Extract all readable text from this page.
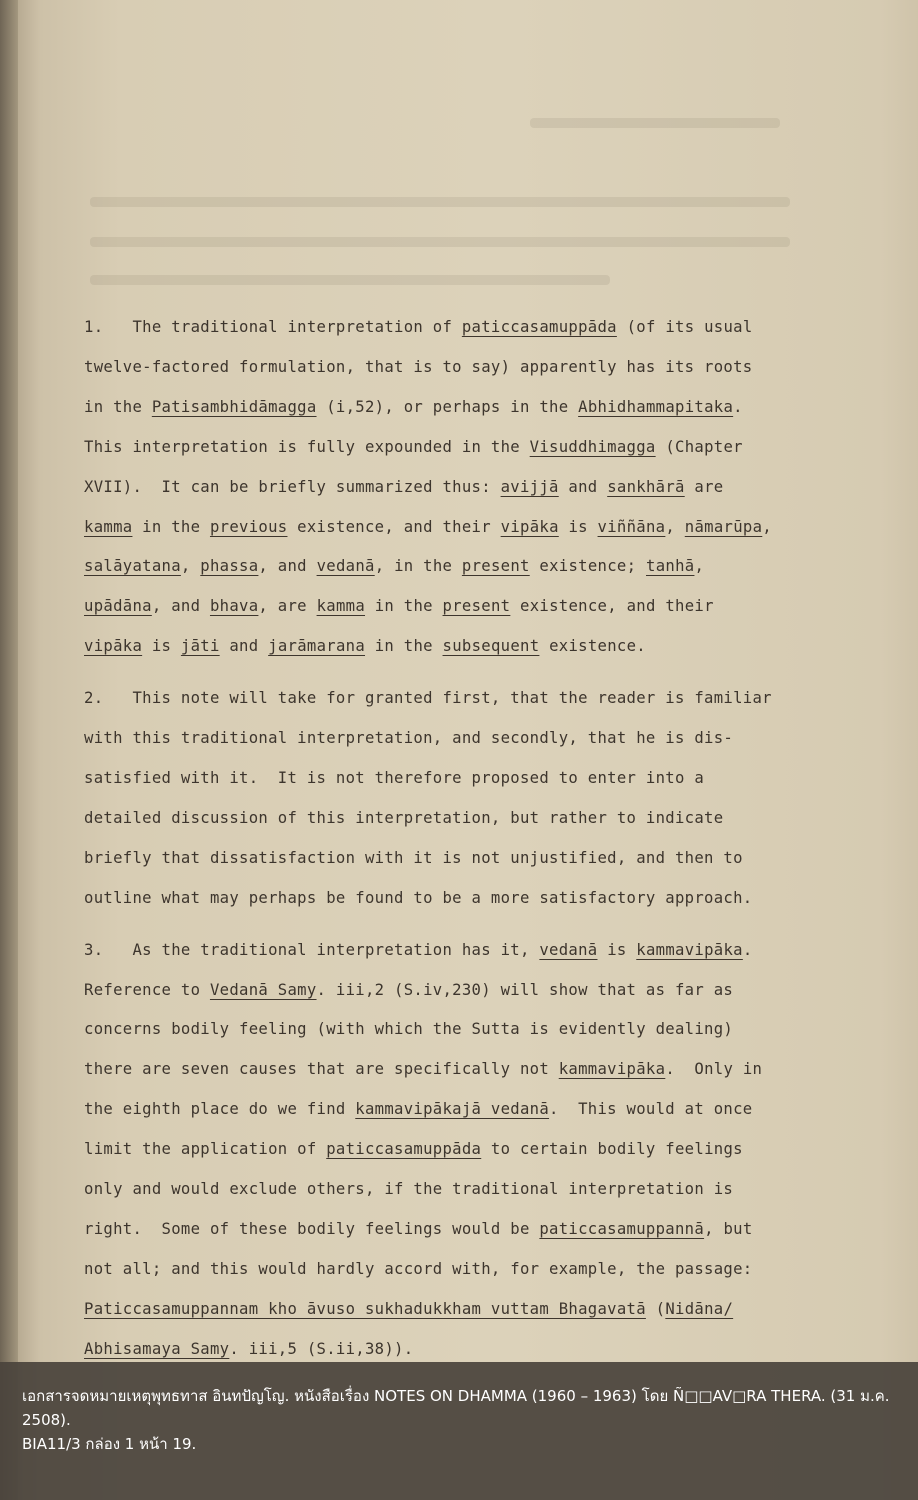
1.   The traditional interpretation of paticcasamuppāda (of its usual
twelve-factored formulation, that is to say) apparently has its roots
in the Patisambhidāmagga (i,52), or perhaps in the Abhidhammapitaka.
This interpretation is fully expounded in the Visuddhimagga (Chapter
XVII).  It can be briefly summarized thus: avijjā and sankhārā are
kamma in the previous existence, and their vipāka is viññāna, nāmarūpa,
salāyatana, phassa, and vedanā, in the present existence; tanhā,
upādāna, and bhava, are kamma in the present existence, and their
vipāka is jāti and jarāmarana in the subsequent existence.
2.   This note will take for granted first, that the reader is familiar
with this traditional interpretation, and secondly, that he is dis-
satisfied with it.  It is not therefore proposed to enter into a
detailed discussion of this interpretation, but rather to indicate
briefly that dissatisfaction with it is not unjustified, and then to
outline what may perhaps be found to be a more satisfactory approach.
3.   As the traditional interpretation has it, vedanā is kammavipāka.
Reference to Vedanā Samy. iii,2 (S.iv,230) will show that as far as
concerns bodily feeling (with which the Sutta is evidently dealing)
there are seven causes that are specifically not kammavipāka.  Only in
the eighth place do we find kammavipākajā vedanā.  This would at once
limit the application of paticcasamuppāda to certain bodily feelings
only and would exclude others, if the traditional interpretation is
right.  Some of these bodily feelings would be paticcasamuppannā, but
not all; and this would hardly accord with, for example, the passage:
Paticcasamuppannam kho āvuso sukhadukkham vuttam Bhagavatā (Nidāna/
Abhisamaya Samy. iii,5 (S.ii,38)).
เอกสารจดหมายเหตุพุทธทาส อินทปัญโญ. หนังสือเรื่อง NOTES ON DHAMMA (1960 – 1963) โดย Ñ□□AV□RA THERA. (31 ม.ค. 2508).
BIA11/3 กล่อง 1 หน้า 19.
